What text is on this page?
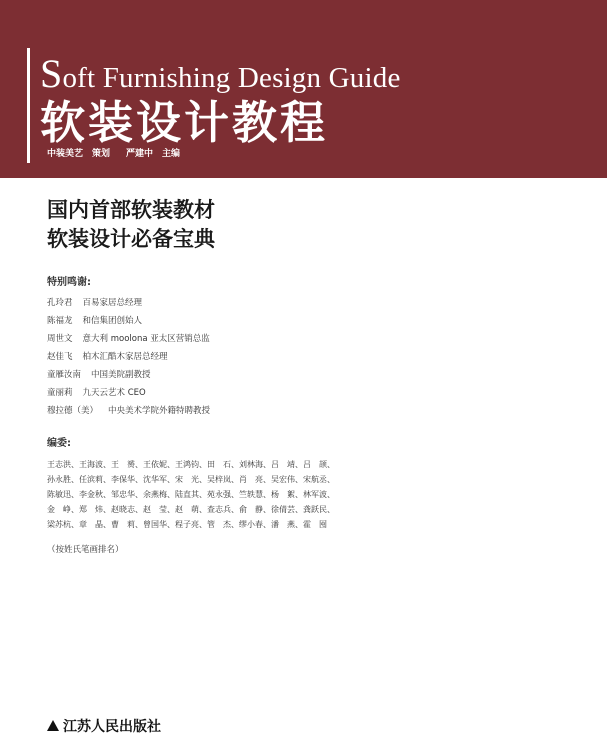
Soft Furnishing Design Guide
软装设计教程
中装美艺 策划 严建中 主编
国内首部软装教材
软装设计必备宝典
特别鸣谢:
孔玲君 百易家居总经理
陈福龙 和信集团创始人
周世文 意大利 moolona 亚太区营销总监
赵佳飞 柏木汇酷木家居总经理
童雁汝南 中国美院副教授
童丽莉 九天云艺术 CEO
穆拉德（美） 中央美术学院外籍特聘教授
编委:
王志洪、王海波、王　赟、王依妮、王鸿钧、田　石、刘林海、吕　靖、吕　颉、
孙永胜、任滨莉、李保华、沈华军、宋　光、吴梓岚、肖　亮、吴宏伟、宋航丞、
陈敏迅、李金秋、邹忠华、余燕梅、陆直其、苑永强、竺轶慧、杨　絮、林军波、
金　峥、郑　炜、赵晓志、赵　莹、赵　萌、查志兵、俞　静、徐倩芸、龚跃民、
梁苏杭、章　晶、曹　莉、曾国华、程子亮、管　杰、缪小春、潘　燕、霍　囤
（按姓氏笔画排名）
江苏人民出版社
